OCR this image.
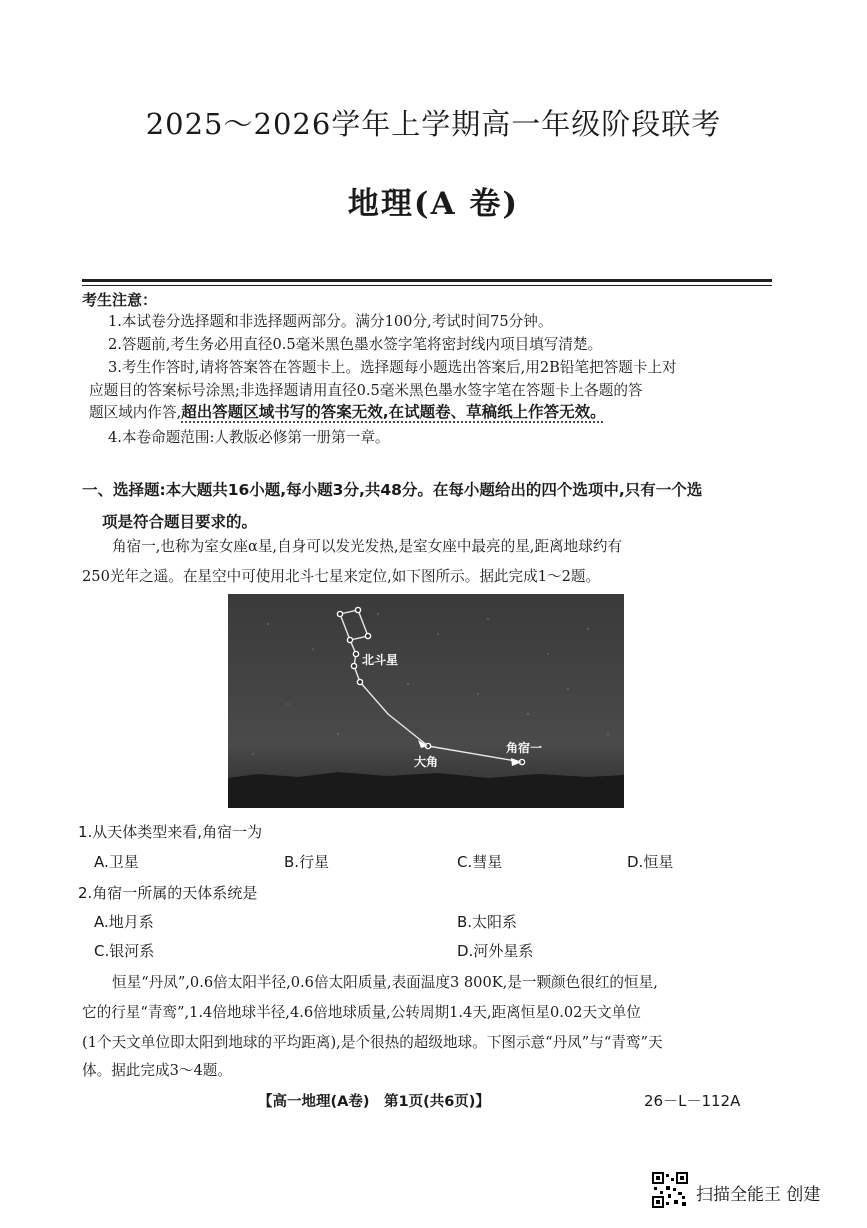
2025～2026学年上学期高一年级阶段联考
地理(A 卷)
考生注意：
1.本试卷分选择题和非选择题两部分。满分100分,考试时间75分钟。
2.答题前,考生务必用直径0.5毫米黑色墨水签字笔将密封线内项目填写清楚。
3.考生作答时,请将答案答在答题卡上。选择题每小题选出答案后,用2B铅笔把答题卡上对
应题目的答案标号涂黑;非选择题请用直径0.5毫米黑色墨水签字笔在答题卡上各题的答
题区域内作答,超出答题区域书写的答案无效,在试题卷、草稿纸上作答无效。
4.本卷命题范围:人教版必修第一册第一章。
一、选择题:本大题共16小题,每小题3分,共48分。在每小题给出的四个选项中,只有一个选
项是符合题目要求的。
角宿一,也称为室女座α星,自身可以发光发热,是室女座中最亮的星,距离地球约有
250光年之遥。在星空中可使用北斗七星来定位,如下图所示。据此完成1～2题。
北斗星
大角
角宿一
1.从天体类型来看,角宿一为
A.卫星	B.行星	C.彗星	D.恒星
2.角宿一所属的天体系统是
A.地月系	B.太阳系
C.银河系	D.河外星系
恒星“丹凤”,0.6倍太阳半径,0.6倍太阳质量,表面温度3 800K,是一颗颜色很红的恒星,
它的行星“青鸾”,1.4倍地球半径,4.6倍地球质量,公转周期1.4天,距离恒星0.02天文单位
(1个天文单位即太阳到地球的平均距离),是个很热的超级地球。下图示意“丹凤”与“青鸾”天
体。据此完成3～4题。
【高一地理(A卷)　第1页(共6页)】	26－L－112A
扫描全能王 创建
